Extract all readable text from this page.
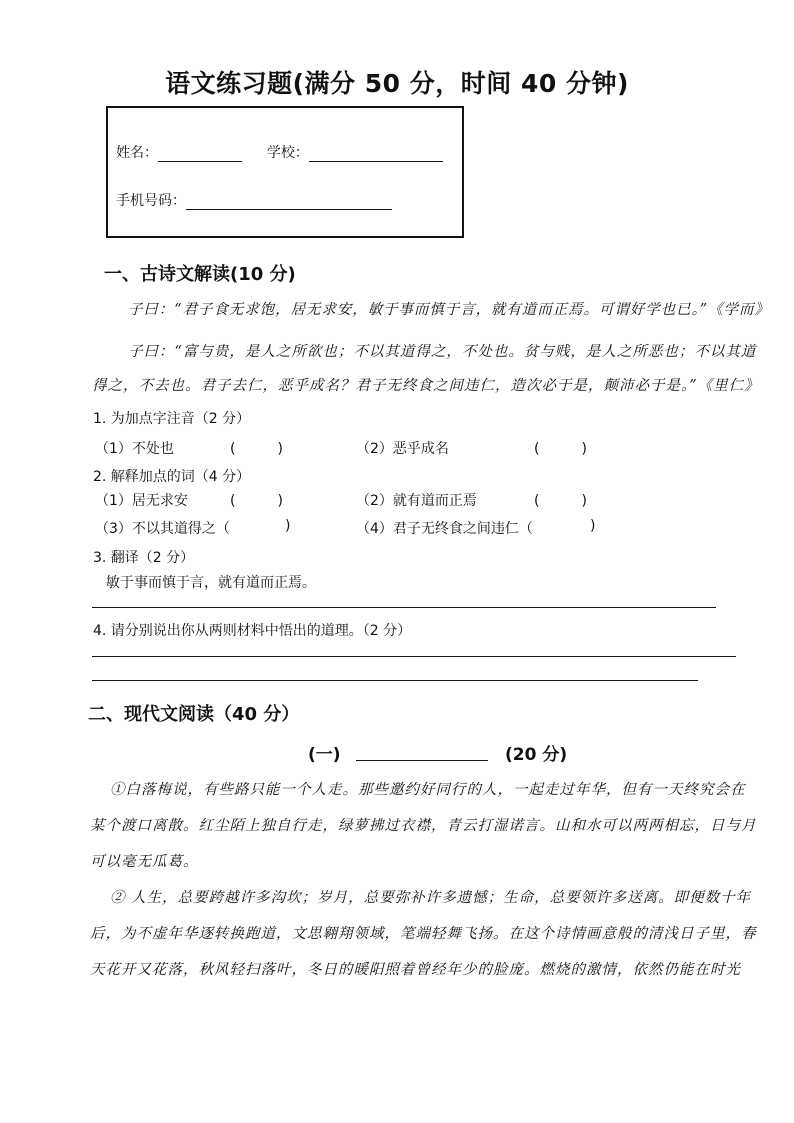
语文练习题(满分 50 分，时间 40 分钟)
姓名：	学校：
手机号码：
一、古诗文解读(10 分)
子曰：“君子食无求饱，居无求安，敏于事而慎于言，就有道而正焉。可谓好学也已。”《学而》
子曰：“富与贵，是人之所欲也；不以其道得之，不处也。贫与贱，是人之所恶也；不以其道
得之，不去也。君子去仁，恶乎成名？君子无终食之间违仁，造次必于是，颠沛必于是。”《里仁》
1. 为加点字注音（2 分）
（1）不处也	(　　　)	（2）恶乎成名	(　　　)
2. 解释加点的词（4 分）
（1）居无求安	(　　　)	（2）就有道而正焉	(　　　)
（3）不以其道得之（	)	（4）君子无终食之间违仁（	)
3. 翻译（2 分）
敏于事而慎于言，就有道而正焉。
4. 请分别说出你从两则材料中悟出的道理。（2 分）
二、现代文阅读（40 分）
(一)	(20 分)
①白落梅说，有些路只能一个人走。那些邀约好同行的人，一起走过年华，但有一天终究会在
某个渡口离散。红尘陌上独自行走，绿萝拂过衣襟，青云打湿诺言。山和水可以两两相忘，日与月
可以毫无瓜葛。
② 人生，总要跨越许多沟坎；岁月，总要弥补许多遗憾；生命，总要领许多送离。即便数十年
后，为不虚年华逐转换跑道，文思翱翔领域，笔端轻舞飞扬。在这个诗情画意般的清浅日子里，春
天花开又花落，秋风轻扫落叶，冬日的暖阳照着曾经年少的脸庞。燃烧的激情，依然仍能在时光
